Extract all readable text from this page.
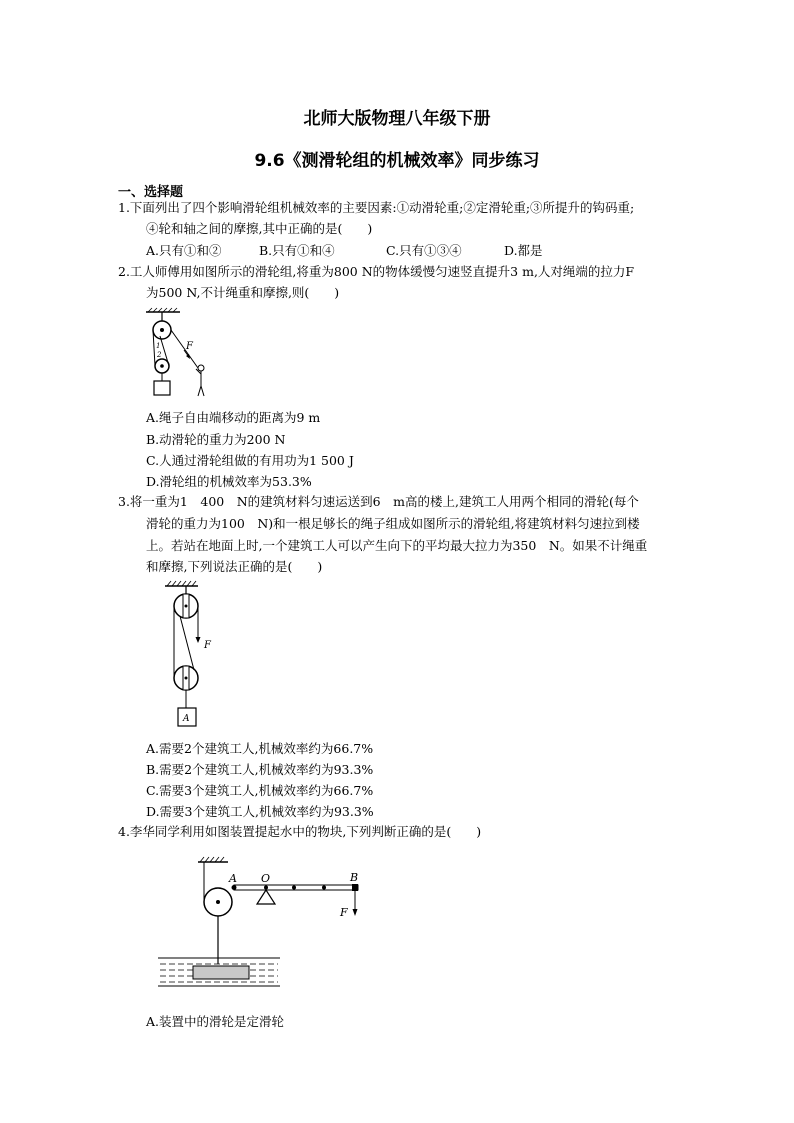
北师大版物理八年级下册
9.6《测滑轮组的机械效率》同步练习
一、选择题
1.下面列出了四个影响滑轮组机械效率的主要因素:①动滑轮重;②定滑轮重;③所提升的钩码重;
④轮和轴之间的摩擦,其中正确的是(　　)
A.只有①和②	B.只有①和④	C.只有①③④	D.都是
2.工人师傅用如图所示的滑轮组,将重为800 N的物体缓慢匀速竖直提升3 m,人对绳端的拉力F
为500 N,不计绳重和摩擦,则(　　)
F
1
2
A.绳子自由端移动的距离为9 m
B.动滑轮的重力为200 N
C.人通过滑轮组做的有用功为1 500 J
D.滑轮组的机械效率为53.3%
3.将一重为1　400　N的建筑材料匀速运送到6　m高的楼上,建筑工人用两个相同的滑轮(每个
滑轮的重力为100　N)和一根足够长的绳子组成如图所示的滑轮组,将建筑材料匀速拉到楼
上。若站在地面上时,一个建筑工人可以产生向下的平均最大拉力为350　N。如果不计绳重
和摩擦,下列说法正确的是(　　)
F
A
A.需要2个建筑工人,机械效率约为66.7%
B.需要2个建筑工人,机械效率约为93.3%
C.需要3个建筑工人,机械效率约为66.7%
D.需要3个建筑工人,机械效率约为93.3%
4.李华同学利用如图装置提起水中的物块,下列判断正确的是(　　)
A O	B
F
A.装置中的滑轮是定滑轮
